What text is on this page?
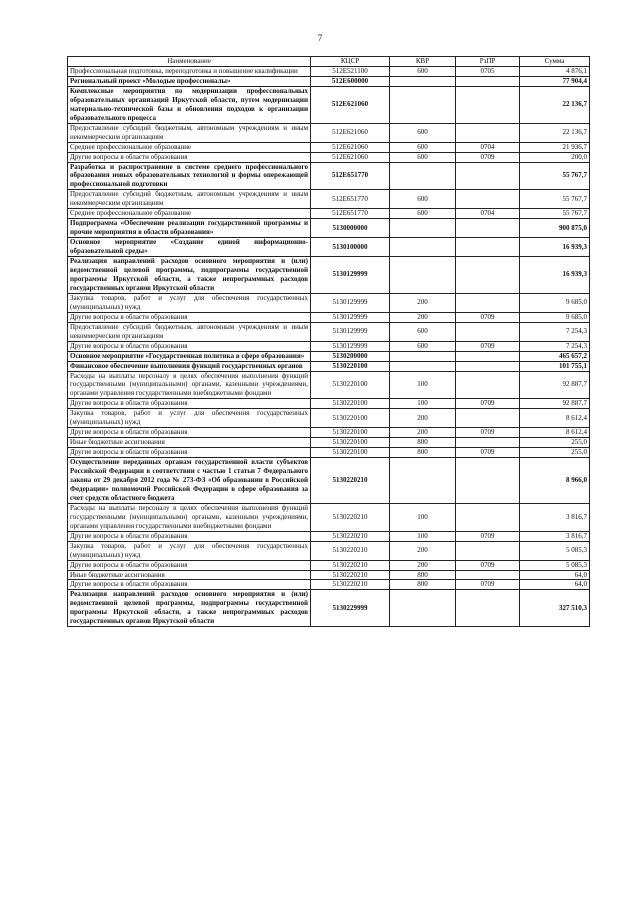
7
Наименование	КЦСР	КВР	РзПР	Сумма
Профессиональная подготовка, переподготовка и повышение квалификации	512E521100	600	0705	4 876,1
Региональный проект «Молодые профессионалы»	512E600000			77 904,4
Комплексные мероприятия по модернизации профессиональных образовательных организаций Иркутской области, путем модернизации материально-технической базы и обновления подходов к организации образовательного процесса	512E621060			22 136,7
Предоставление субсидий бюджетным, автономным учреждениям и иным некоммерческим организациям	512E621060	600		22 136,7
Среднее профессиональное образование	512E621060	600	0704	21 936,7
Другие вопросы в области образования	512E621060	600	0709	200,0
Разработка и распространение в системе среднего профессионального образования новых образовательных технологий и формы опережающей профессиональной подготовки	512E651770			55 767,7
Предоставление субсидий бюджетным, автономным учреждениям и иным некоммерческим организациям	512E651770	600		55 767,7
Среднее профессиональное образование	512E651770	600	0704	55 767,7
Подпрограмма «Обеспечение реализации государственной программы и прочие мероприятия в области образования»	5130000000			900 875,0
Основное мероприятие «Создание единой информационно-образовательной среды»	5130100000			16 939,3
Реализация направлений расходов основного мероприятия и (или) ведомственной целевой программы, подпрограммы государственной программы Иркутской области, а также непрограммных расходов государственных органов Иркутской области	5130129999			16 939,3
Закупка товаров, работ и услуг для обеспечения государственных (муниципальных) нужд	5130129999	200		9 685,0
Другие вопросы в области образования	5130129999	200	0709	9 685,0
Предоставление субсидий бюджетным, автономным учреждениям и иным некоммерческим организациям	5130129999	600		7 254,3
Другие вопросы в области образования	5130129999	600	0709	7 254,3
Основное мероприятие «Государственная политика в сфере образования»	5130200000			465 657,2
Финансовое обеспечение выполнения функций государственных органов	5130220100			101 755,1
Расходы на выплаты персоналу в целях обеспечения выполнения функций государственными (муниципальными) органами, казенными учреждениями, органами управления государственными внебюджетными фондами	5130220100	100		92 887,7
Другие вопросы в области образования	5130220100	100	0709	92 887,7
Закупка товаров, работ и услуг для обеспечения государственных (муниципальных) нужд	5130220100	200		8 612,4
Другие вопросы в области образования	5130220100	200	0709	8 612,4
Иные бюджетные ассигнования	5130220100	800		255,0
Другие вопросы в области образования	5130220100	800	0709	255,0
Осуществление переданных органам государственной власти субъектов Российской Федерации в соответствии с частью 1 статьи 7 Федерального закона от 29 декабря 2012 года № 273-ФЗ «Об образовании в Российской Федерации» полномочий Российской Федерации в сфере образования за счет средств областного бюджета	5130220210			8 966,0
Расходы на выплаты персоналу в целях обеспечения выполнения функций государственными (муниципальными) органами, казенными учреждениями, органами управления государственными внебюджетными фондами	5130220210	100		3 816,7
Другие вопросы в области образования	5130220210	100	0709	3 816,7
Закупка товаров, работ и услуг для обеспечения государственных (муниципальных) нужд	5130220210	200		5 085,3
Другие вопросы в области образования	5130220210	200	0709	5 085,3
Иные бюджетные ассигнования	5130220210	800		64,0
Другие вопросы в области образования	5130220210	800	0709	64,0
Реализация направлений расходов основного мероприятия и (или) ведомственной целевой программы, подпрограммы государственной программы Иркутской области, а также непрограммных расходов государственных органов Иркутской области	5130229999			327 510,3
